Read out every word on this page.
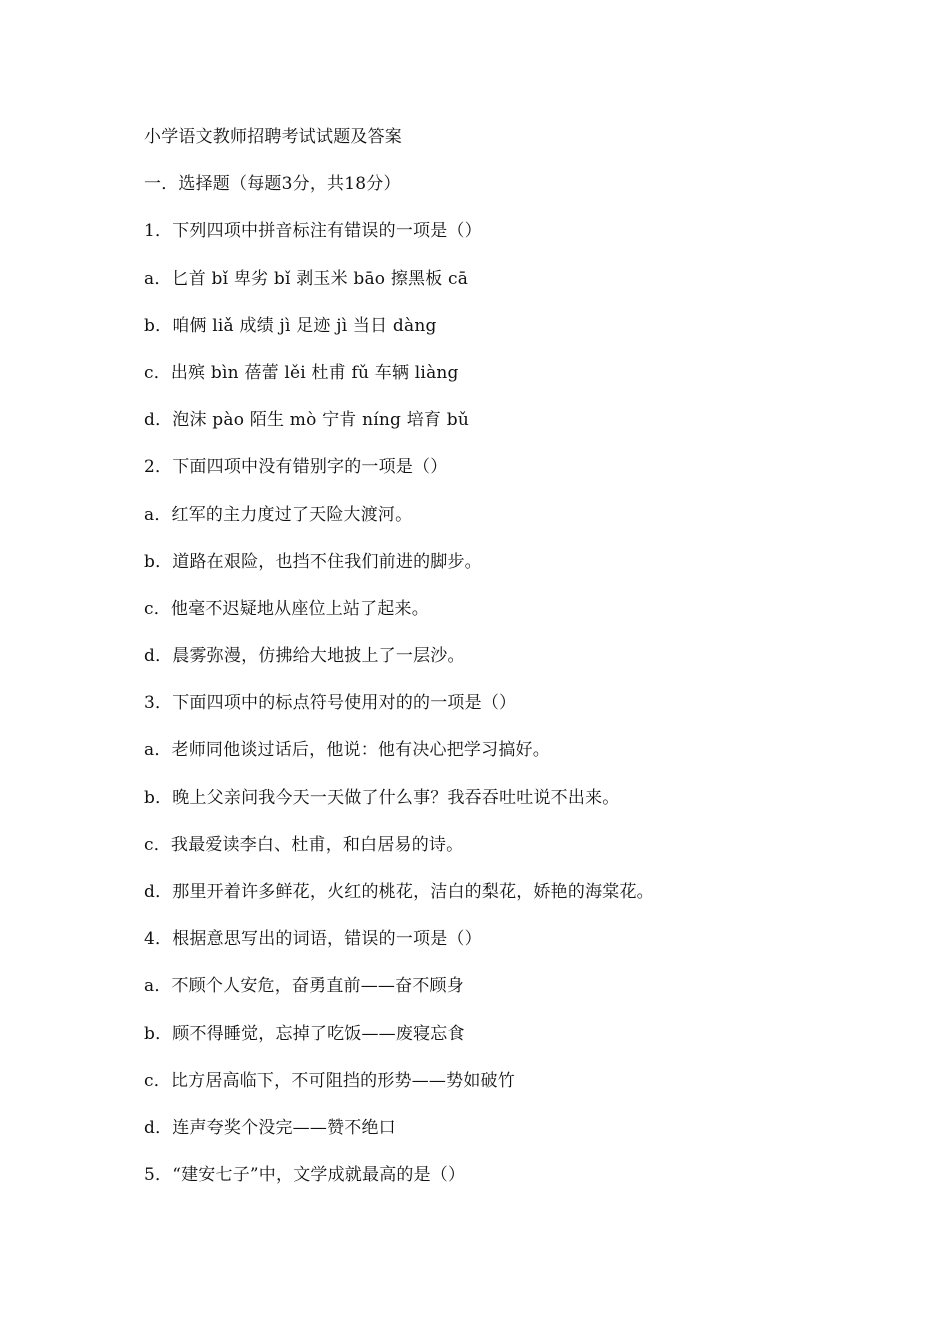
小学语文教师招聘考试试题及答案
一．选择题（每题3分，共18分）
1．下列四项中拼音标注有错误的一项是（）
a．匕首 bǐ 卑劣 bǐ 剥玉米 bāo 擦黑板 cā
b．咱俩 liǎ 成绩 jì 足迹 jì 当日 dàng
c．出殡 bìn 蓓蕾 lěi 杜甫 fǔ 车辆 liàng
d．泡沫 pào 陌生 mò 宁肯 níng 培育 bǔ
2．下面四项中没有错别字的一项是（）
a．红军的主力度过了天险大渡河。
b．道路在艰险，也挡不住我们前进的脚步。
c．他毫不迟疑地从座位上站了起来。
d．晨雾弥漫，仿拂给大地披上了一层沙。
3．下面四项中的标点符号使用对的的一项是（）
a．老师同他谈过话后，他说：他有决心把学习搞好。
b．晚上父亲问我今天一天做了什么事？我吞吞吐吐说不出来。
c．我最爱读李白、杜甫，和白居易的诗。
d．那里开着许多鲜花，火红的桃花，洁白的梨花，娇艳的海棠花。
4．根据意思写出的词语，错误的一项是（）
a．不顾个人安危，奋勇直前——奋不顾身
b．顾不得睡觉，忘掉了吃饭——废寝忘食
c．比方居高临下，不可阻挡的形势——势如破竹
d．连声夸奖个没完——赞不绝口
5．“建安七子”中，文学成就最高的是（）
